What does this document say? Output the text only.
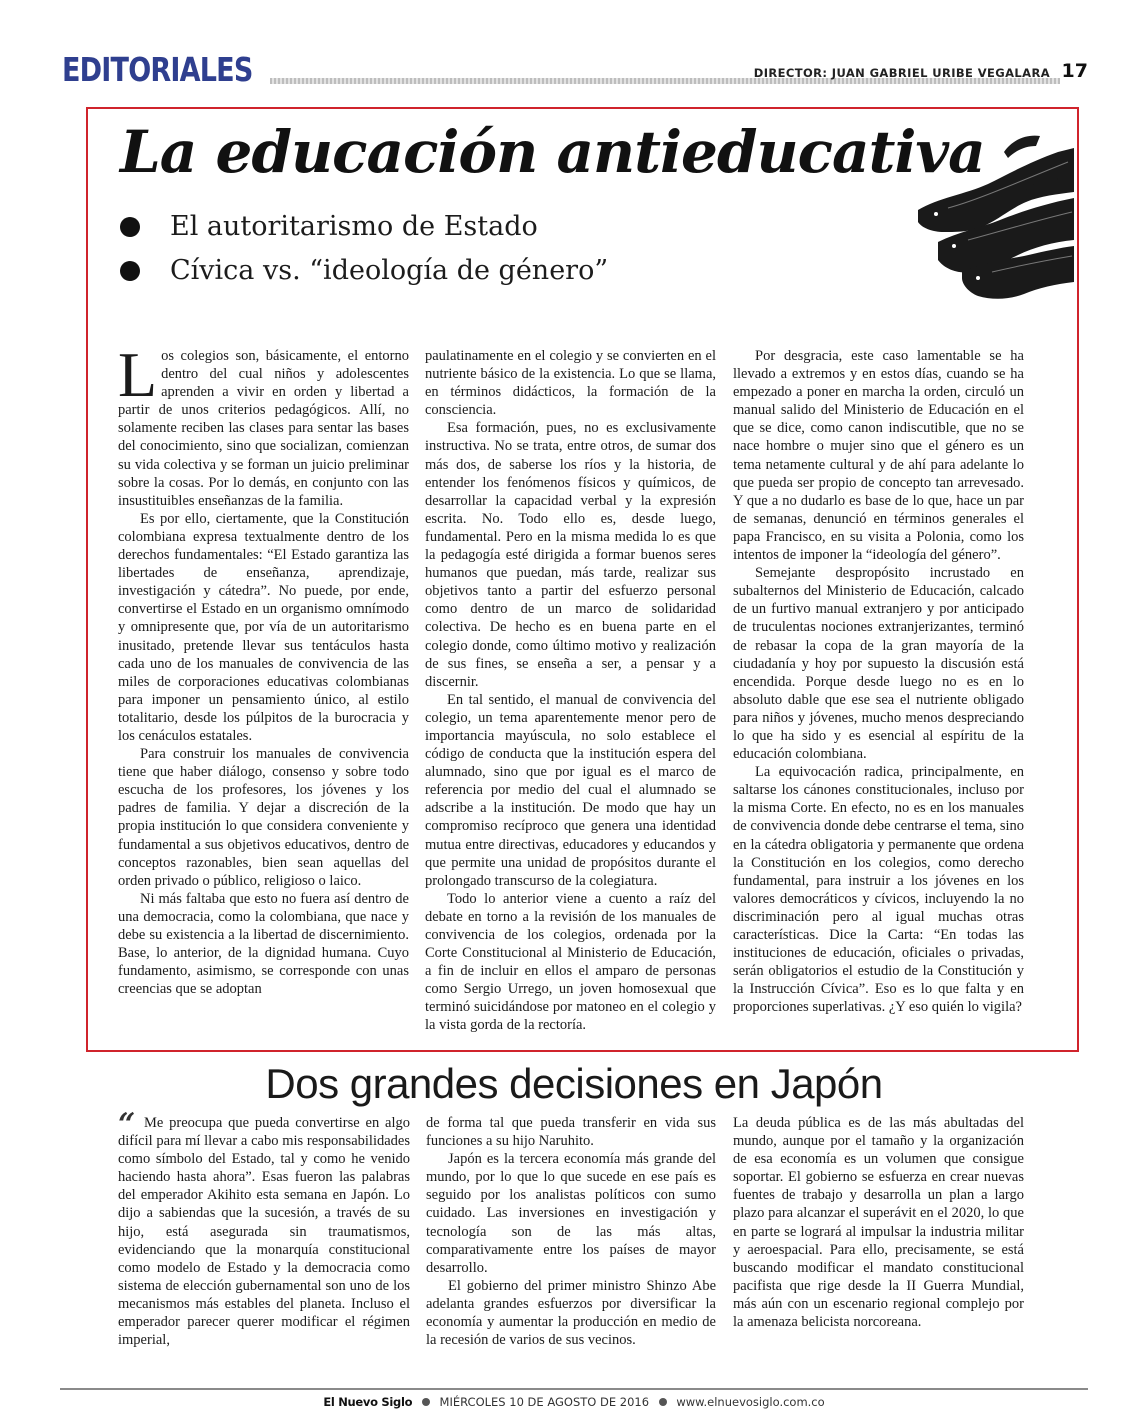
EDITORIALES	DIRECTOR: JUAN GABRIEL URIBE VEGALARA 17
La educación antieducativa
El autoritarismo de Estado
Cívica vs. “ideología de género”

Los colegios son, básicamente, el entorno dentro del cual niños y adolescentes aprenden a vivir en orden y libertad a partir de unos criterios pedagógicos. Allí, no solamente reciben las clases para sentar las bases del conocimiento, sino que socializan, comienzan su vida colectiva y se forman un juicio preliminar sobre la cosas. Por lo demás, en conjunto con las insustituibles enseñanzas de la familia.

Es por ello, ciertamente, que la Constitución colombiana expresa textualmente dentro de los derechos fundamentales: “El Estado garantiza las libertades de enseñanza, aprendizaje, investigación y cátedra”. No puede, por ende, convertirse el Estado en un organismo omnímodo y omnipresente que, por vía de un autoritarismo inusitado, pretende llevar sus tentáculos hasta cada uno de los manuales de convivencia de las miles de corporaciones educativas colombianas para imponer un pensamiento único, al estilo totalitario, desde los púlpitos de la burocracia y los cenáculos estatales.

Para construir los manuales de convivencia tiene que haber diálogo, consenso y sobre todo escucha de los profesores, los jóvenes y los padres de familia. Y dejar a discreción de la propia institución lo que considera conveniente y fundamental a sus objetivos educativos, dentro de conceptos razonables, bien sean aquellas del orden privado o público, religioso o laico.

Ni más faltaba que esto no fuera así dentro de una democracia, como la colombiana, que nace y debe su existencia a la libertad de discernimiento. Base, lo anterior, de la dignidad humana. Cuyo fundamento, asimismo, se corresponde con unas creencias que se adoptan

paulatinamente en el colegio y se convierten en el nutriente básico de la existencia. Lo que se llama, en términos didácticos, la formación de la consciencia.

Esa formación, pues, no es exclusivamente instructiva. No se trata, entre otros, de sumar dos más dos, de saberse los ríos y la historia, de entender los fenómenos físicos y químicos, de desarrollar la capacidad verbal y la expresión escrita. No. Todo ello es, desde luego, fundamental. Pero en la misma medida lo es que la pedagogía esté dirigida a formar buenos seres humanos que puedan, más tarde, realizar sus objetivos tanto a partir del esfuerzo personal como dentro de un marco de solidaridad colectiva. De hecho es en buena parte en el colegio donde, como último motivo y realización de sus fines, se enseña a ser, a pensar y a discernir.

En tal sentido, el manual de convivencia del colegio, un tema aparentemente menor pero de importancia mayúscula, no solo establece el código de conducta que la institución espera del alumnado, sino que por igual es el marco de referencia por medio del cual el alumnado se adscribe a la institución. De modo que hay un compromiso recíproco que genera una identidad mutua entre directivas, educadores y educandos y que permite una unidad de propósitos durante el prolongado transcurso de la colegiatura.

Todo lo anterior viene a cuento a raíz del debate en torno a la revisión de los manuales de convivencia de los colegios, ordenada por la Corte Constitucional al Ministerio de Educación, a fin de incluir en ellos el amparo de personas como Sergio Urrego, un joven homosexual que terminó suicidándose por matoneo en el colegio y la vista gorda de la rectoría.

Por desgracia, este caso lamentable se ha llevado a extremos y en estos días, cuando se ha empezado a poner en marcha la orden, circuló un manual salido del Ministerio de Educación en el que se dice, como canon indiscutible, que no se nace hombre o mujer sino que el género es un tema netamente cultural y de ahí para adelante lo que pueda ser propio de concepto tan arrevesado. Y que a no dudarlo es base de lo que, hace un par de semanas, denunció en términos generales el papa Francisco, en su visita a Polonia, como los intentos de imponer la “ideología del género”.

Semejante despropósito incrustado en subalternos del Ministerio de Educación, calcado de un furtivo manual extranjero y por anticipado de truculentas nociones extranjerizantes, terminó de rebasar la copa de la gran mayoría de la ciudadanía y hoy por supuesto la discusión está encendida. Porque desde luego no es en lo absoluto dable que ese sea el nutriente obligado para niños y jóvenes, mucho menos despreciando lo que ha sido y es esencial al espíritu de la educación colombiana.

La equivocación radica, principalmente, en saltarse los cánones constitucionales, incluso por la misma Corte. En efecto, no es en los manuales de convivencia donde debe centrarse el tema, sino en la cátedra obligatoria y permanente que ordena la Constitución en los colegios, como derecho fundamental, para instruir a los jóvenes en los valores democráticos y cívicos, incluyendo la no discriminación pero al igual muchas otras características. Dice la Carta: “En todas las instituciones de educación, oficiales o privadas, serán obligatorios el estudio de la Constitución y la Instrucción Cívica”. Eso es lo que falta y en proporciones superlativas. ¿Y eso quién lo vigila?

Dos grandes decisiones en Japón
“ Me preocupa que pueda convertirse en algo difícil para mí llevar a cabo mis responsabilidades como símbolo del Estado, tal y como he venido haciendo hasta ahora”. Esas fueron las palabras del emperador Akihito esta semana en Japón. Lo dijo a sabiendas que la sucesión, a través de su hijo, está asegurada sin traumatismos, evidenciando que la monarquía constitucional como modelo de Estado y la democracia como sistema de elección gubernamental son uno de los mecanismos más estables del planeta. Incluso el emperador parecer querer modificar el régimen imperial,

de forma tal que pueda transferir en vida sus funciones a su hijo Naruhito.

Japón es la tercera economía más grande del mundo, por lo que lo que sucede en ese país es seguido por los analistas políticos con sumo cuidado. Las inversiones en investigación y tecnología son de las más altas, comparativamente entre los países de mayor desarrollo.

El gobierno del primer ministro Shinzo Abe adelanta grandes esfuerzos por diversificar la economía y aumentar la producción en medio de la recesión de varios de sus vecinos.

La deuda pública es de las más abultadas del mundo, aunque por el tamaño y la organización de esa economía es un volumen que consigue soportar. El gobierno se esfuerza en crear nuevas fuentes de trabajo y desarrolla un plan a largo plazo para alcanzar el superávit en el 2020, lo que en parte se logrará al impulsar la industria militar y aeroespacial. Para ello, precisamente, se está buscando modificar el mandato constitucional pacifista que rige desde la II Guerra Mundial, más aún con un escenario regional complejo por la amenaza belicista norcoreana.

El Nuevo Siglo MIÉRCOLES 10 DE AGOSTO DE 2016 www.elnuevosiglo.com.co
